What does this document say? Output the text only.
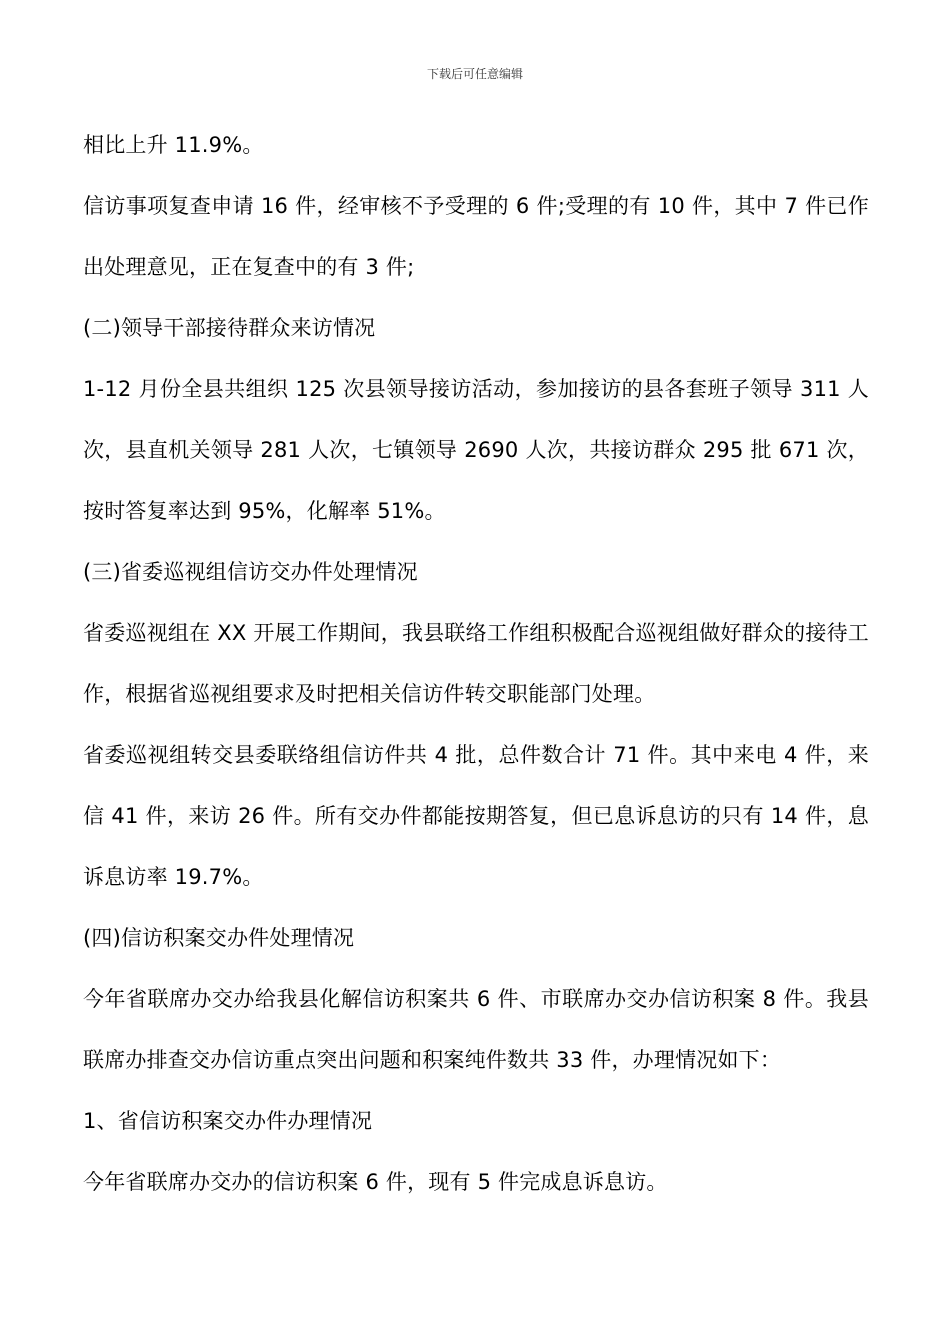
下载后可任意编辑

相比上升 11.9%。

信访事项复查申请 16 件，经审核不予受理的 6 件;受理的有 10 件，其中 7 件已作出处理意见，正在复查中的有 3 件;

(二)领导干部接待群众来访情况

1-12 月份全县共组织 125 次县领导接访活动，参加接访的县各套班子领导 311 人次，县直机关领导 281 人次，七镇领导 2690 人次，共接访群众 295 批 671 次，按时答复率达到 95%，化解率 51%。

(三)省委巡视组信访交办件处理情况

省委巡视组在 XX 开展工作期间，我县联络工作组积极配合巡视组做好群众的接待工作，根据省巡视组要求及时把相关信访件转交职能部门处理。

省委巡视组转交县委联络组信访件共 4 批，总件数合计 71 件。其中来电 4 件，来信 41 件，来访 26 件。所有交办件都能按期答复，但已息诉息访的只有 14 件，息诉息访率 19.7%。

(四)信访积案交办件处理情况

今年省联席办交办给我县化解信访积案共 6 件、市联席办交办信访积案 8 件。我县联席办排查交办信访重点突出问题和积案纯件数共 33 件，办理情况如下：

1、省信访积案交办件办理情况

今年省联席办交办的信访积案 6 件，现有 5 件完成息诉息访。
